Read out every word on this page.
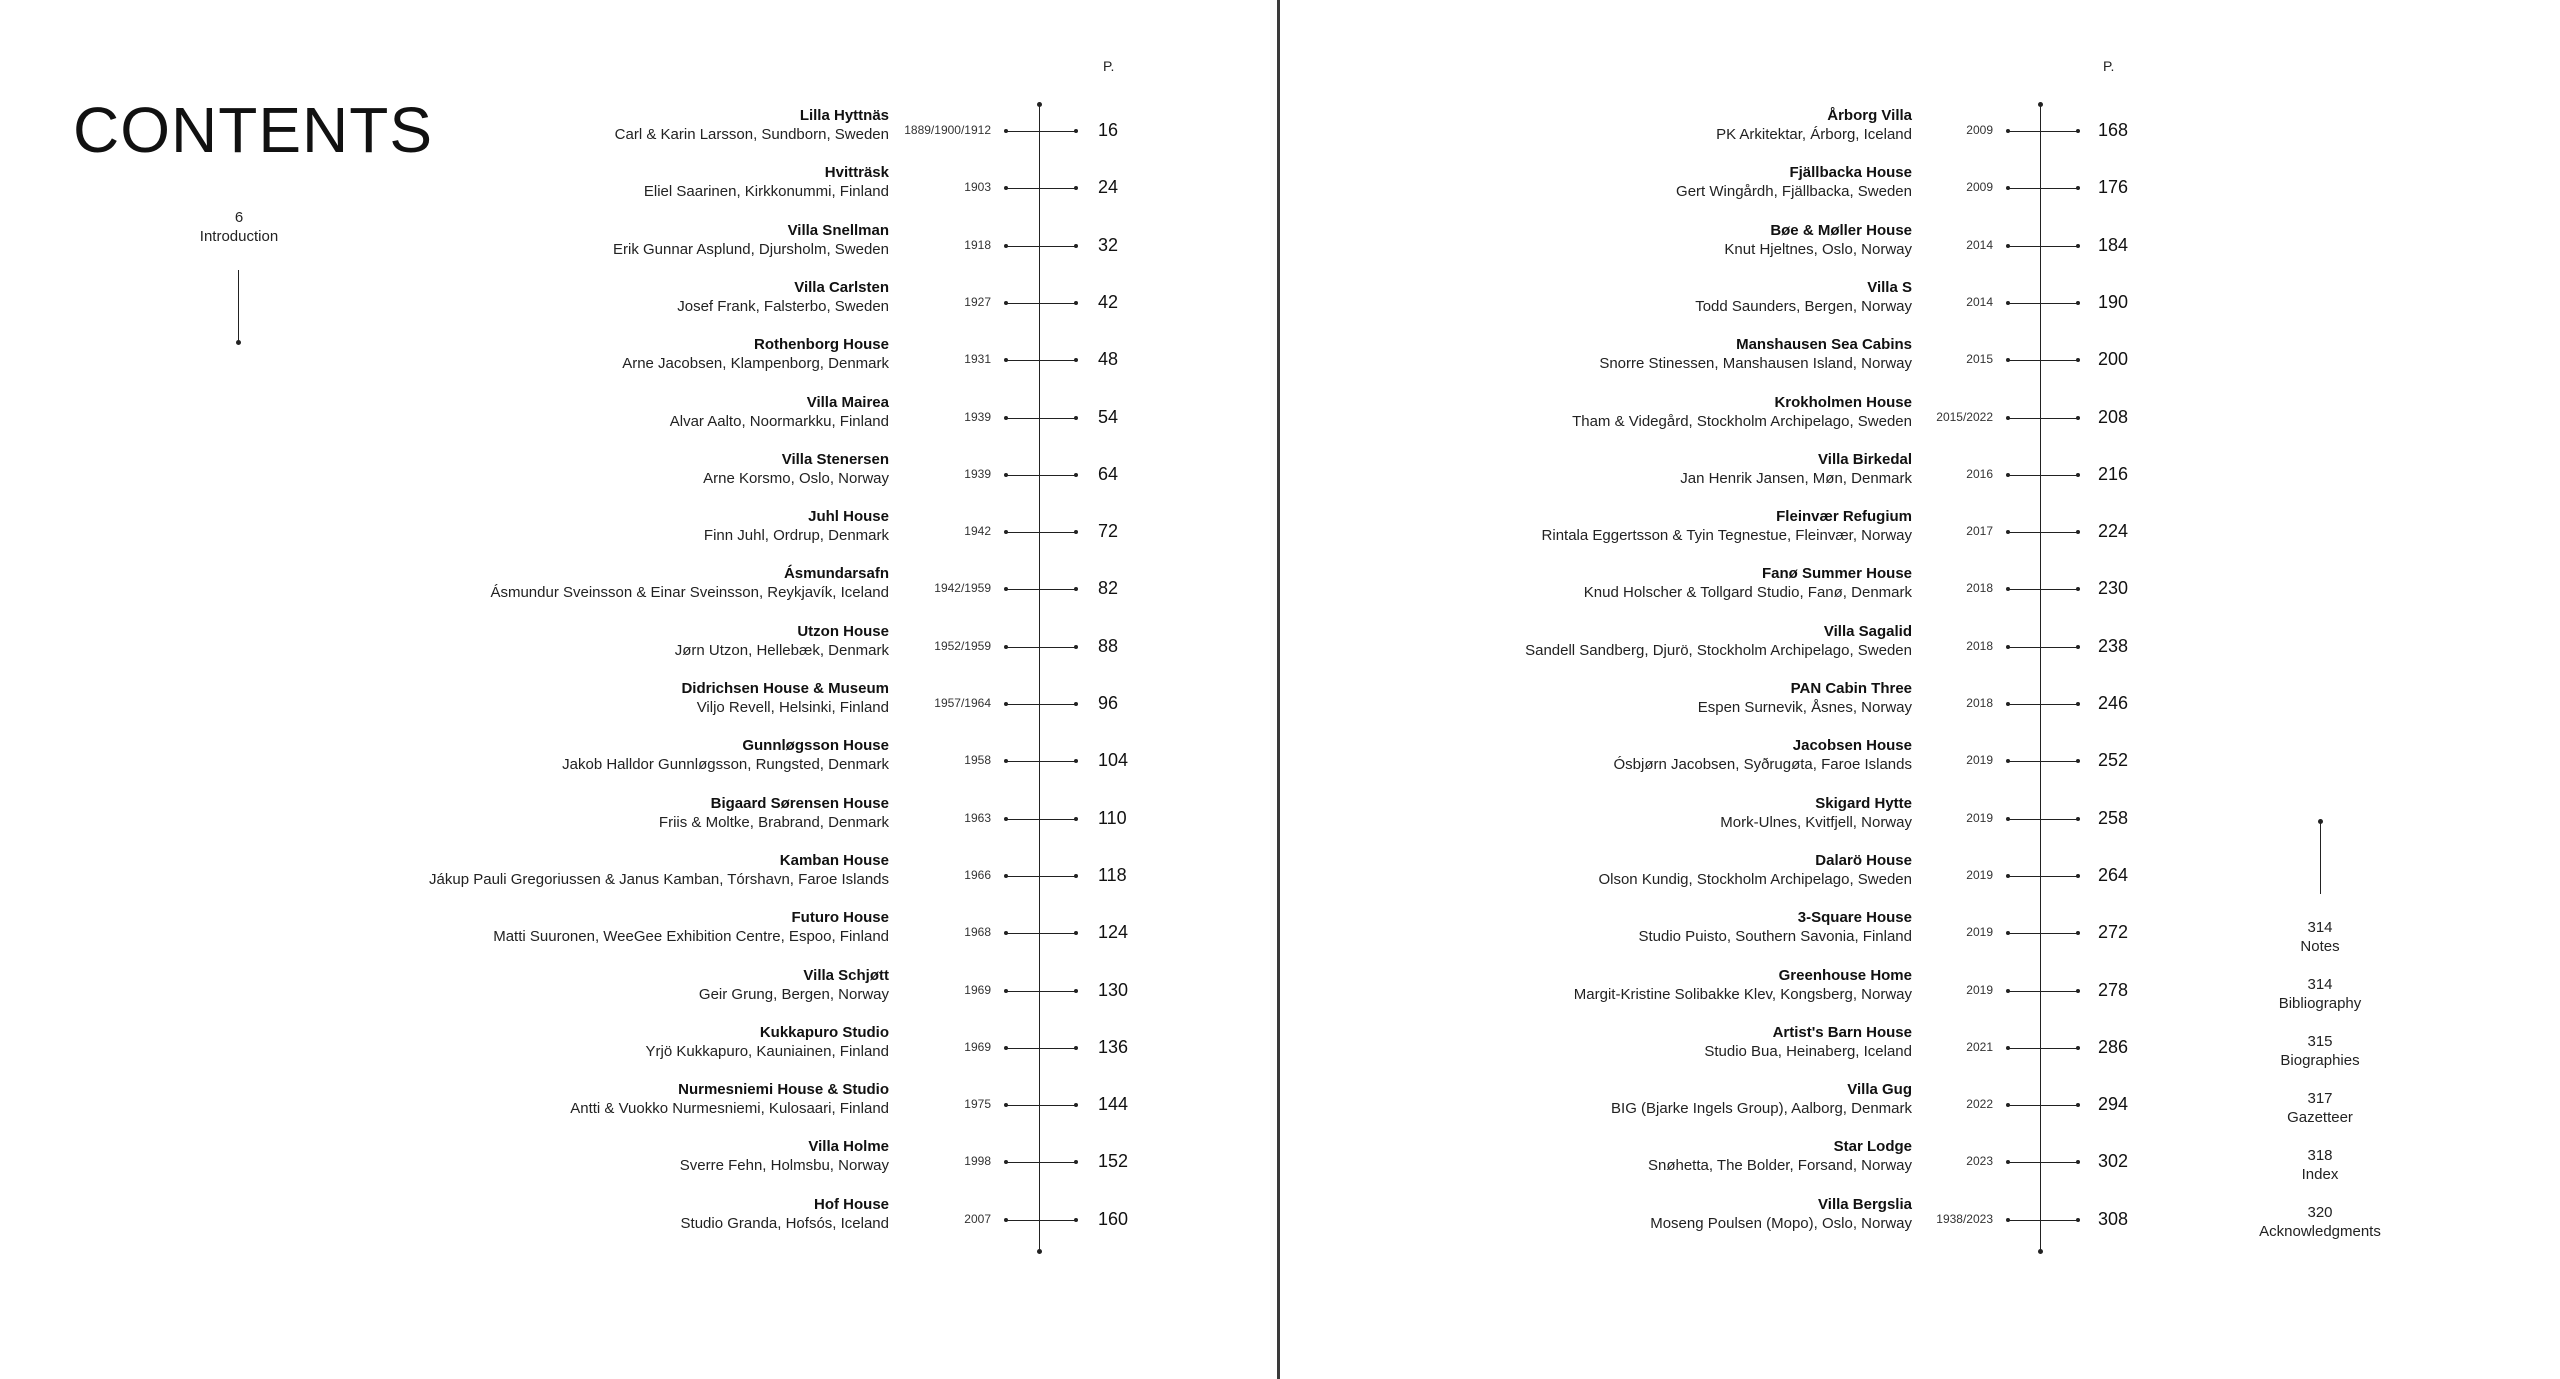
CONTENTS
6
Introduction
P.
Lilla Hyttnäs
Carl & Karin Larsson, Sundborn, Sweden 1889/1900/1912	16
Hvitträsk
Eliel Saarinen, Kirkkonummi, Finland	1903	24
Villa Snellman
Erik Gunnar Asplund, Djursholm, Sweden	1918	32
Villa Carlsten
Josef Frank, Falsterbo, Sweden	1927	42
Rothenborg House
Arne Jacobsen, Klampenborg, Denmark	1931	48
Villa Mairea
Alvar Aalto, Noormarkku, Finland	1939	54
Villa Stenersen
Arne Korsmo, Oslo, Norway	1939	64
Juhl House
Finn Juhl, Ordrup, Denmark	1942	72
Ásmundarsafn
Ásmundur Sveinsson & Einar Sveinsson, Reykjavík, Iceland	1942/1959	82
Utzon House
Jørn Utzon, Hellebæk, Denmark	1952/1959	88
Didrichsen House & Museum
Viljo Revell, Helsinki, Finland	1957/1964	96
Gunnløgsson House
Jakob Halldor Gunnløgsson, Rungsted, Denmark	1958	104
Bigaard Sørensen House
Friis & Moltke, Brabrand, Denmark	1963	110
Kamban House
Jákup Pauli Gregoriussen & Janus Kamban, Tórshavn, Faroe Islands	1966	118
Futuro House
Matti Suuronen, WeeGee Exhibition Centre, Espoo, Finland	1968	124
Villa Schjøtt
Geir Grung, Bergen, Norway	1969	130
Kukkapuro Studio
Yrjö Kukkapuro, Kauniainen, Finland	1969	136
Nurmesniemi House & Studio
Antti & Vuokko Nurmesniemi, Kulosaari, Finland	1975	144
Villa Holme
Sverre Fehn, Holmsbu, Norway	1998	152
Hof House
Studio Granda, Hofsós, Iceland	2007	160
P.
Årborg Villa
PK Arkitektar, Árborg, Iceland	2009	168
Fjällbacka House
Gert Wingårdh, Fjällbacka, Sweden	2009	176
Bøe & Møller House
Knut Hjeltnes, Oslo, Norway	2014	184
Villa S
Todd Saunders, Bergen, Norway	2014	190
Manshausen Sea Cabins
Snorre Stinessen, Manshausen Island, Norway	2015	200
Krokholmen House
Tham & Videgård, Stockholm Archipelago, Sweden 2015/2022	208
Villa Birkedal
Jan Henrik Jansen, Møn, Denmark	2016	216
Fleinvær Refugium
Rintala Eggertsson & Tyin Tegnestue, Fleinvær, Norway	2017	224
Fanø Summer House
Knud Holscher & Tollgard Studio, Fanø, Denmark	2018	230
Villa Sagalid
Sandell Sandberg, Djurö, Stockholm Archipelago, Sweden	2018	238
PAN Cabin Three
Espen Surnevik, Åsnes, Norway	2018	246
Jacobsen House
Ósbjørn Jacobsen, Syðrugøta, Faroe Islands	2019	252
Skigard Hytte
Mork-Ulnes, Kvitfjell, Norway	2019	258
Dalarö House
Olson Kundig, Stockholm Archipelago, Sweden	2019	264
3-Square House
Studio Puisto, Southern Savonia, Finland	2019	272
Greenhouse Home
Margit-Kristine Solibakke Klev, Kongsberg, Norway	2019	278
Artist's Barn House
Studio Bua, Heinaberg, Iceland	2021	286
Villa Gug
BIG (Bjarke Ingels Group), Aalborg, Denmark	2022	294
Star Lodge
Snøhetta, The Bolder, Forsand, Norway	2023	302
Villa Bergslia
Moseng Poulsen (Mopo), Oslo, Norway 1938/2023	308
314
Notes
314
Bibliography
315
Biographies
317
Gazetteer
318
Index
320
Acknowledgments
